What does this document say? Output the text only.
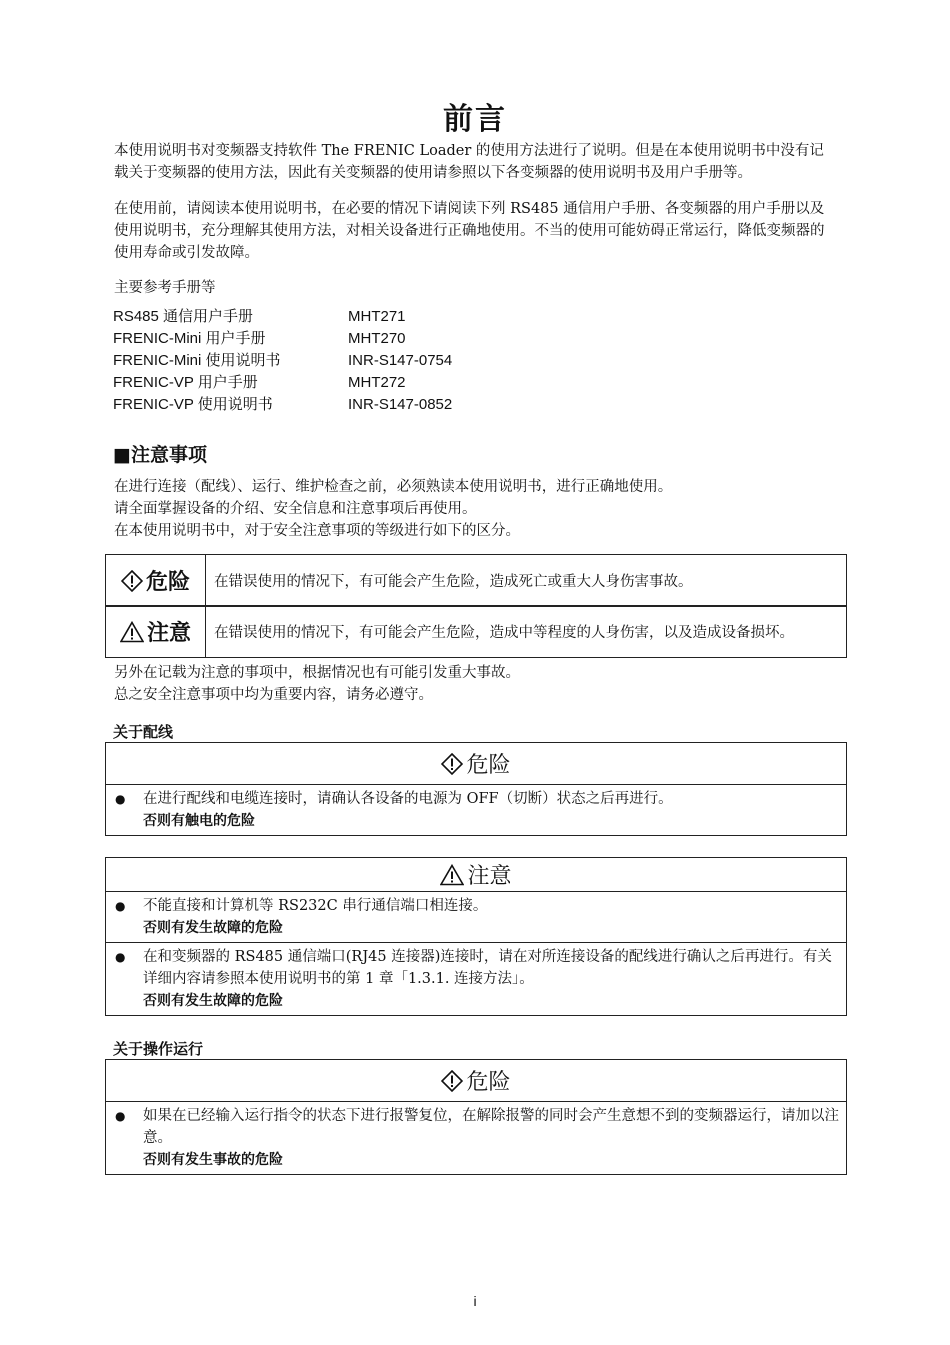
前言
本使用说明书对变频器支持软件 The FRENIC Loader 的使用方法进行了说明。但是在本使用说明书中没有记载关于变频器的使用方法，因此有关变频器的使用请参照以下各变频器的使用说明书及用户手册等。
在使用前，请阅读本使用说明书，在必要的情况下请阅读下列 RS485 通信用户手册、各变频器的用户手册以及使用说明书，充分理解其使用方法，对相关设备进行正确地使用。不当的使用可能妨碍正常运行，降低变频器的使用寿命或引发故障。
主要参考手册等
RS485 通信用户手册	MHT271
FRENIC-Mini 用户手册	MHT270
FRENIC-Mini 使用说明书	INR-S147-0754
FRENIC-VP 用户手册	MHT272
FRENIC-VP 使用说明书	INR-S147-0852
■注意事项
在进行连接（配线）、运行、维护检查之前，必须熟读本使用说明书，进行正确地使用。
请全面掌握设备的介绍、安全信息和注意事项后再使用。
在本使用说明书中，对于安全注意事项的等级进行如下的区分。
危险 在错误使用的情况下，有可能会产生危险，造成死亡或重大人身伤害事故。
注意 在错误使用的情况下，有可能会产生危险，造成中等程度的人身伤害，以及造成设备损坏。
另外在记载为注意的事项中，根据情况也有可能引发重大事故。
总之安全注意事项中均为重要内容，请务必遵守。
关于配线
危险
● 在进行配线和电缆连接时，请确认各设备的电源为 OFF（切断）状态之后再进行。
否则有触电的危险
注意
● 不能直接和计算机等 RS232C 串行通信端口相连接。
否则有发生故障的危险
● 在和变频器的 RS485 通信端口(RJ45 连接器)连接时，请在对所连接设备的配线进行确认之后再进行。有关详细内容请参照本使用说明书的第 1 章「1.3.1. 连接方法」。
否则有发生故障的危险
关于操作运行
危险
● 如果在已经输入运行指令的状态下进行报警复位，在解除报警的同时会产生意想不到的变频器运行，请加以注意。
否则有发生事故的危险
i
